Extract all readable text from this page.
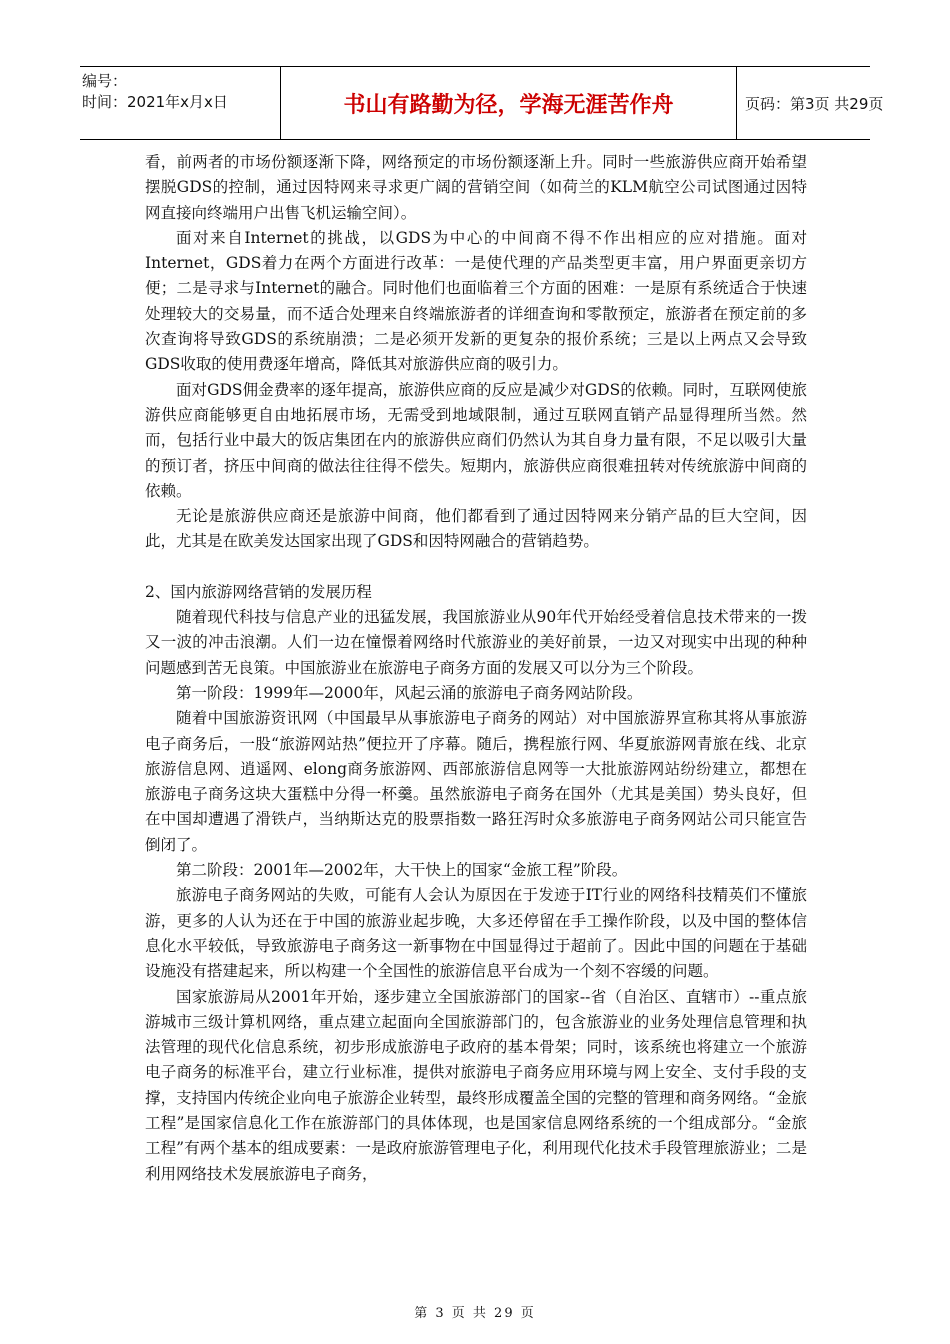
编号：
时间：2021年x月x日	书山有路勤为径，学海无涯苦作舟	页码：第3页 共29页

看，前两者的市场份额逐渐下降，网络预定的市场份额逐渐上升。同时一些旅游供应商开始希望摆脱GDS的控制，通过因特网来寻求更广阔的营销空间（如荷兰的KLM航空公司试图通过因特网直接向终端用户出售飞机运输空间）。

面对来自Internet的挑战，以GDS为中心的中间商不得不作出相应的应对措施。面对Internet，GDS着力在两个方面进行改革：一是使代理的产品类型更丰富，用户界面更亲切方便；二是寻求与Internet的融合。同时他们也面临着三个方面的困难：一是原有系统适合于快速处理较大的交易量，而不适合处理来自终端旅游者的详细查询和零散预定，旅游者在预定前的多次查询将导致GDS的系统崩溃；二是必须开发新的更复杂的报价系统；三是以上两点又会导致GDS收取的使用费逐年增高，降低其对旅游供应商的吸引力。

面对GDS佣金费率的逐年提高，旅游供应商的反应是减少对GDS的依赖。同时，互联网使旅游供应商能够更自由地拓展市场，无需受到地域限制，通过互联网直销产品显得理所当然。然而，包括行业中最大的饭店集团在内的旅游供应商们仍然认为其自身力量有限，不足以吸引大量的预订者，挤压中间商的做法往往得不偿失。短期内，旅游供应商很难扭转对传统旅游中间商的依赖。

无论是旅游供应商还是旅游中间商，他们都看到了通过因特网来分销产品的巨大空间，因此，尤其是在欧美发达国家出现了GDS和因特网融合的营销趋势。

2、国内旅游网络营销的发展历程

随着现代科技与信息产业的迅猛发展，我国旅游业从90年代开始经受着信息技术带来的一拨又一波的冲击浪潮。人们一边在憧憬着网络时代旅游业的美好前景，一边又对现实中出现的种种问题感到苦无良策。中国旅游业在旅游电子商务方面的发展又可以分为三个阶段。

第一阶段：1999年—2000年，风起云涌的旅游电子商务网站阶段。

随着中国旅游资讯网（中国最早从事旅游电子商务的网站）对中国旅游界宣称其将从事旅游电子商务后，一股“旅游网站热”便拉开了序幕。随后，携程旅行网、华夏旅游网青旅在线、北京旅游信息网、逍遥网、elong商务旅游网、西部旅游信息网等一大批旅游网站纷纷建立，都想在旅游电子商务这块大蛋糕中分得一杯羹。虽然旅游电子商务在国外（尤其是美国）势头良好，但在中国却遭遇了滑铁卢，当纳斯达克的股票指数一路狂泻时众多旅游电子商务网站公司只能宣告倒闭了。

第二阶段：2001年—2002年，大干快上的国家“金旅工程”阶段。

旅游电子商务网站的失败，可能有人会认为原因在于发迹于IT行业的网络科技精英们不懂旅游，更多的人认为还在于中国的旅游业起步晚，大多还停留在手工操作阶段，以及中国的整体信息化水平较低，导致旅游电子商务这一新事物在中国显得过于超前了。因此中国的问题在于基础设施没有搭建起来，所以构建一个全国性的旅游信息平台成为一个刻不容缓的问题。

国家旅游局从2001年开始，逐步建立全国旅游部门的国家--省（自治区、直辖市）--重点旅游城市三级计算机网络，重点建立起面向全国旅游部门的，包含旅游业的业务处理信息管理和执法管理的现代化信息系统，初步形成旅游电子政府的基本骨架；同时，该系统也将建立一个旅游电子商务的标准平台，建立行业标准，提供对旅游电子商务应用环境与网上安全、支付手段的支撑，支持国内传统企业向电子旅游企业转型，最终形成覆盖全国的完整的管理和商务网络。“金旅工程”是国家信息化工作在旅游部门的具体体现，也是国家信息网络系统的一个组成部分。“金旅工程”有两个基本的组成要素：一是政府旅游管理电子化，利用现代化技术手段管理旅游业；二是利用网络技术发展旅游电子商务，

第 3 页 共 29 页
